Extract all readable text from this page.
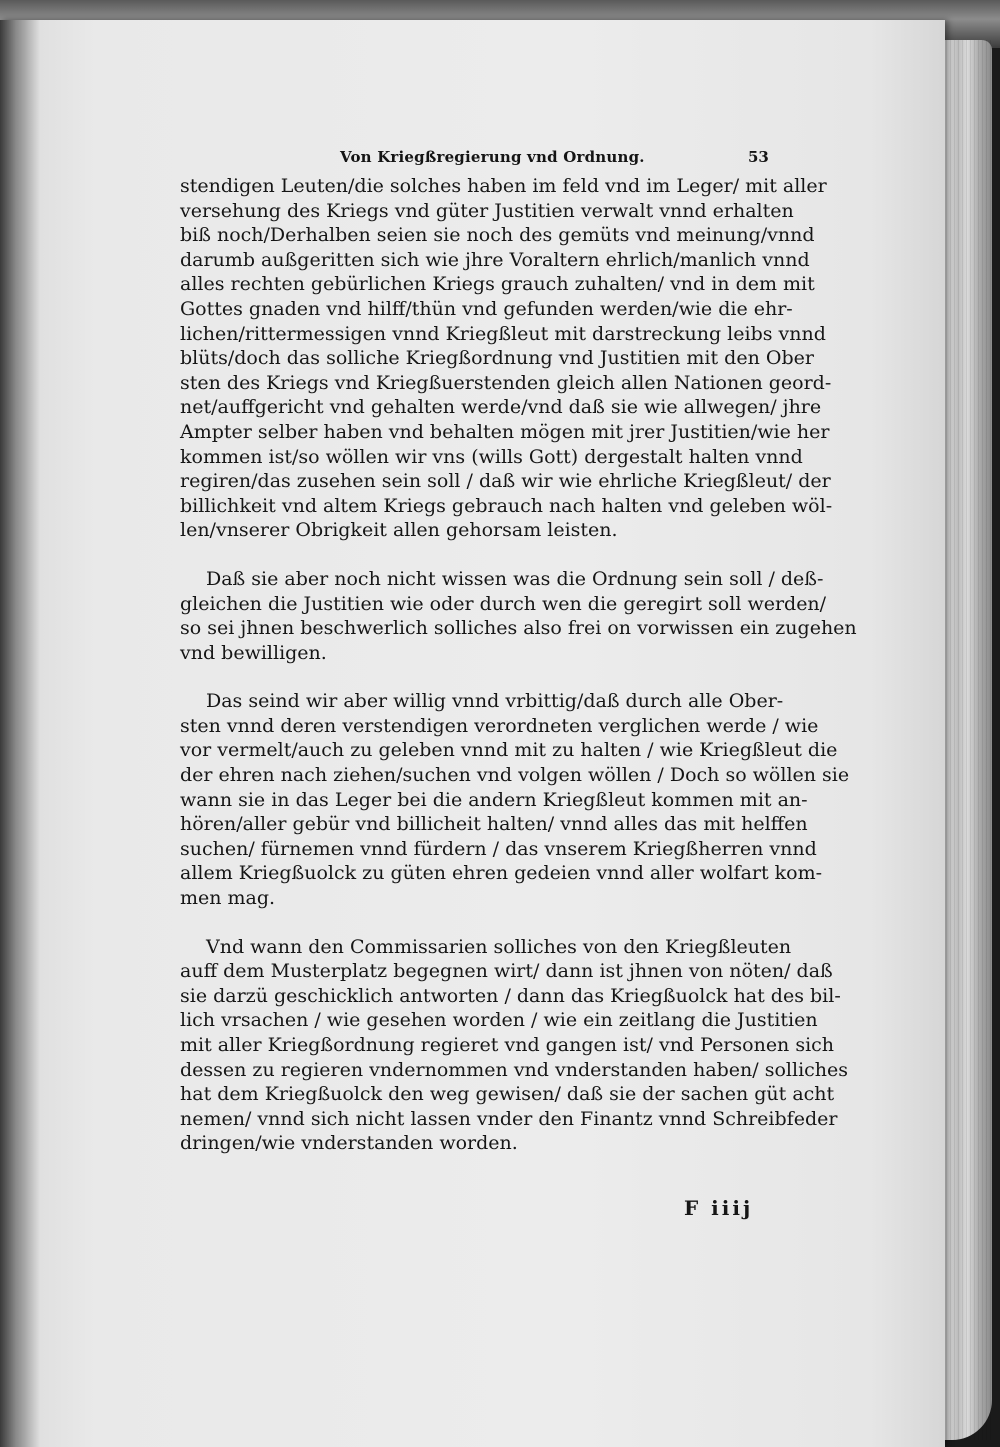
Von Kriegßregierung vnd Ordnung.	53
stendigen Leuten/die solches haben im feld vnd im Leger/ mit aller
versehung des Kriegs vnd güter Justitien verwalt vnnd erhalten
biß noch/Derhalben seien sie noch des gemüts vnd meinung/vnnd
darumb außgeritten sich wie jhre Voraltern ehrlich/manlich vnnd
alles rechten gebürlichen Kriegs grauch zuhalten/ vnd in dem mit
Gottes gnaden vnd hilff/thün vnd gefunden werden/wie die ehr-
lichen/rittermessigen vnnd Kriegßleut mit darstreckung leibs vnnd
blüts/doch das solliche Kriegßordnung vnd Justitien mit den Ober
sten des Kriegs vnd Kriegßuerstenden gleich allen Nationen geord-
net/auffgericht vnd gehalten werde/vnd daß sie wie allwegen/ jhre
Ampter selber haben vnd behalten mögen mit jrer Justitien/wie her
kommen ist/so wöllen wir vns (wills Gott) dergestalt halten vnnd
regiren/das zusehen sein soll / daß wir wie ehrliche Kriegßleut/ der
billichkeit vnd altem Kriegs gebrauch nach halten vnd geleben wöl-
len/vnserer Obrigkeit allen gehorsam leisten.
Daß sie aber noch nicht wissen was die Ordnung sein soll / deß-
gleichen die Justitien wie oder durch wen die geregirt soll werden/
so sei jhnen beschwerlich solliches also frei on vorwissen ein zugehen
vnd bewilligen.
Das seind wir aber willig vnnd vrbittig/daß durch alle Ober-
sten vnnd deren verstendigen verordneten verglichen werde / wie
vor vermelt/auch zu geleben vnnd mit zu halten / wie Kriegßleut die
der ehren nach ziehen/suchen vnd volgen wöllen / Doch so wöllen sie
wann sie in das Leger bei die andern Kriegßleut kommen mit an-
hören/aller gebür vnd billicheit halten/ vnnd alles das mit helffen
suchen/ fürnemen vnnd fürdern / das vnserem Kriegßherren vnnd
allem Kriegßuolck zu güten ehren gedeien vnnd aller wolfart kom-
men mag.
Vnd wann den Commissarien solliches von den Kriegßleuten
auff dem Musterplatz begegnen wirt/ dann ist jhnen von nöten/ daß
sie darzü geschicklich antworten / dann das Kriegßuolck hat des bil-
lich vrsachen / wie gesehen worden / wie ein zeitlang die Justitien
mit aller Kriegßordnung regieret vnd gangen ist/ vnd Personen sich
dessen zu regieren vndernommen vnd vnderstanden haben/ solliches
hat dem Kriegßuolck den weg gewisen/ daß sie der sachen güt acht
nemen/ vnnd sich nicht lassen vnder den Finantz vnnd Schreibfeder
dringen/wie vnderstanden worden.
F iiij
